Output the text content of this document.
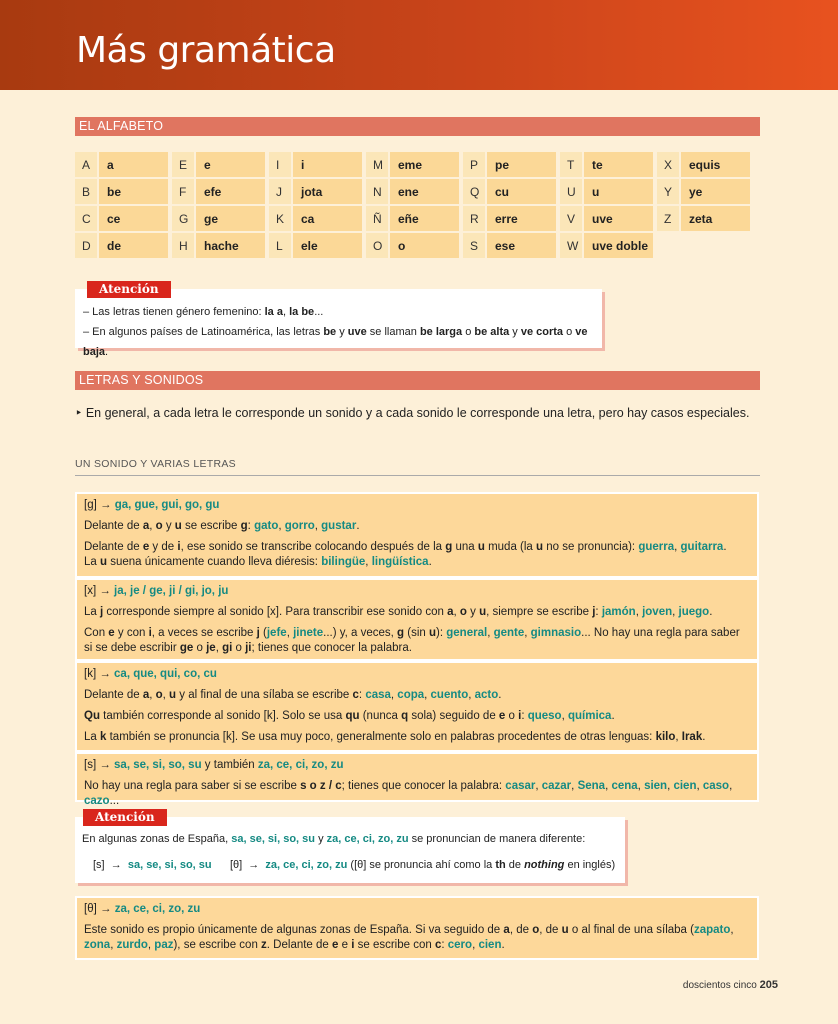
Más gramática
EL ALFABETO
A	a	E	e	I	i	M	eme	P	pe	T	te	X	equis
B	be	F	efe	J	jota	N	ene	Q	cu	U	u	Y	ye
C	ce	G	ge	K	ca	Ñ	eñe	R	erre	V	uve	Z	zeta
D	de	H	hache	L	ele	O	o	S	ese	W	uve doble
Atención

– Las letras tienen género femenino: la a, la be...

– En algunos países de Latinoamérica, las letras be y uve se llaman be larga o be alta y ve corta o ve baja.

LETRAS Y SONIDOS
‣ En general, a cada letra le corresponde un sonido y a cada sonido le corresponde una letra, pero hay casos especiales.
UN SONIDO Y VARIAS LETRAS

[g] → ga, gue, gui, go, gu

Delante de a, o y u se escribe g: gato, gorro, gustar.

Delante de e y de i, ese sonido se transcribe colocando después de la g una u muda (la u no se pronuncia): guerra, guitarra.
La u suena únicamente cuando lleva diéresis: bilingüe, lingüística.

[x] → ja, je / ge, ji / gi, jo, ju

La j corresponde siempre al sonido [x]. Para transcribir ese sonido con a, o y u, siempre se escribe j: jamón, joven, juego.

Con e y con i, a veces se escribe j (jefe, jinete...) y, a veces, g (sin u): general, gente, gimnasio... No hay una regla para saber si se debe escribir ge o je, gi o ji; tienes que conocer la palabra.

[k] → ca, que, qui, co, cu

Delante de a, o, u y al final de una sílaba se escribe c: casa, copa, cuento, acto.

Qu también corresponde al sonido [k]. Solo se usa qu (nunca q sola) seguido de e o i: queso, química.

La k también se pronuncia [k]. Se usa muy poco, generalmente solo en palabras procedentes de otras lenguas: kilo, Irak.

[s] → sa, se, si, so, su y también za, ce, ci, zo, zu

No hay una regla para saber si se escribe s o z / c; tienes que conocer la palabra: casar, cazar, Sena, cena, sien, cien, caso, cazo...

Atención

En algunas zonas de España, sa, se, si, so, su y za, ce, ci, zo, zu se pronuncian de manera diferente:

[s]  →  sa, se, si, so, su      [θ]  →  za, ce, ci, zo, zu ([θ] se pronuncia ahí como la th de nothing en inglés)

[θ] → za, ce, ci, zo, zu

Este sonido es propio únicamente de algunas zonas de España. Si va seguido de a, de o, de u o al final de una sílaba (zapato, zona, zurdo, paz), se escribe con z. Delante de e e i se escribe con c: cero, cien.

doscientos cinco 205
